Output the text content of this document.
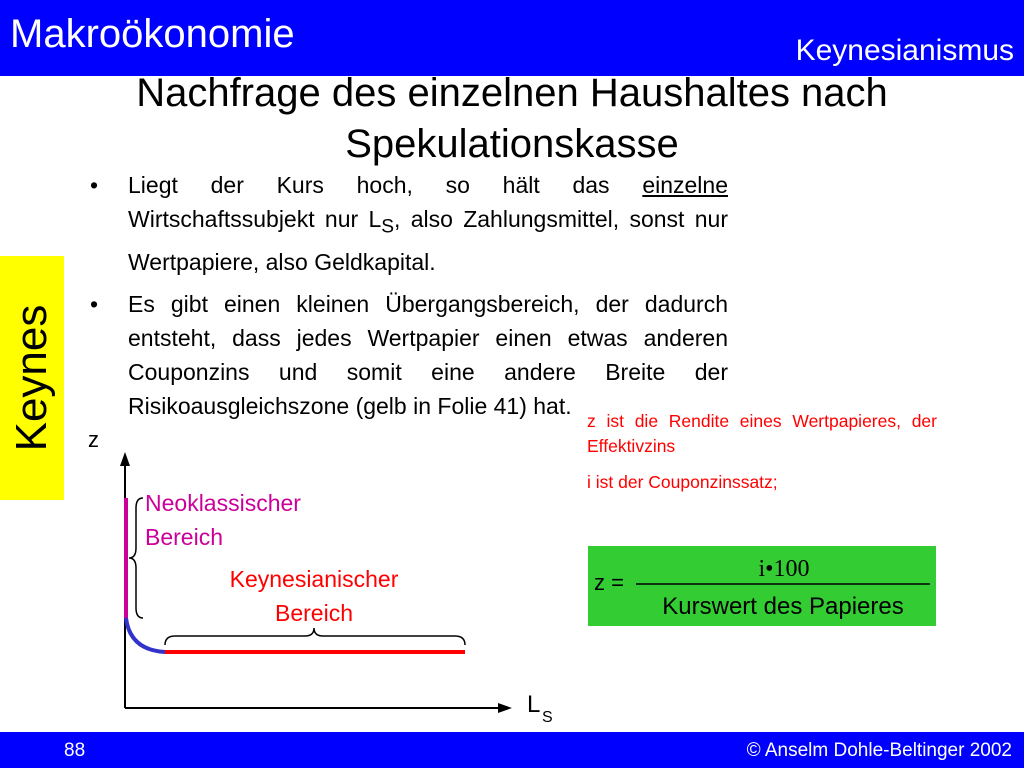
Makroökonomie	Keynesianismus
Nachfrage des einzelnen Haushaltes nach Spekulationskasse
Keynes
• Liegt der Kurs hoch, so hält das einzelne Wirtschaftssubjekt nur $L_S$, also Zahlungsmittel, sonst nur Wertpapiere, also Geldkapital.
• Es gibt einen kleinen Übergangsbereich, der dadurch entsteht, dass jedes Wertpapier einen etwas anderen Couponzins und somit eine andere Breite der Risikoausgleichszone (gelb in Folie 41) hat.
z ist die Rendite eines Wertpapieres, der Effektivzins
i ist der Couponzinssatz;
z =
i•100
Kurswert des Papieres
z
L S
Neoklassischer
Bereich
Keynesianischer
Bereich
88	© Anselm Dohle-Beltinger 2002
